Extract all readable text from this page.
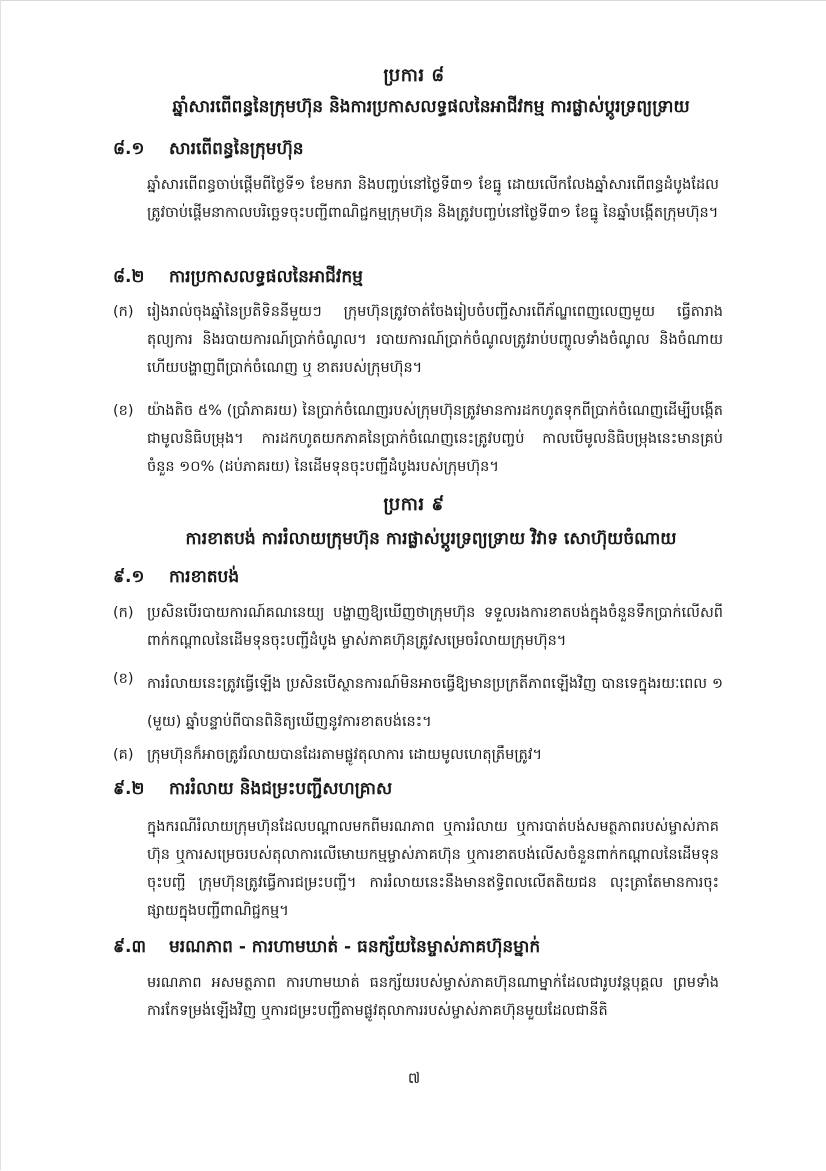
ប្រការ ៨
ឆ្នាំសារពើពន្ធនៃក្រុមហ៊ុន និងការប្រកាសលទ្ធផលនៃអាជីវកម្ម ការផ្លាស់ប្ដូរទ្រព្យទ្រាយ
៨.១ សារពើពន្ធនៃក្រុមហ៊ុន
ឆ្នាំសារពើពន្ធចាប់ផ្ដើមពីថ្ងៃទី១ ខែមករា និងបញ្ចប់នៅថ្ងៃទី៣១ ខែធ្នូ ដោយលើកលែងឆ្នាំសារពើពន្ធដំបូងដែលត្រូវចាប់ផ្ដើមនាកាលបរិច្ឆេទចុះបញ្ជីពាណិជ្ជកម្មក្រុមហ៊ុន និងត្រូវបញ្ចប់នៅថ្ងៃទី៣១ ខែធ្នូ នៃឆ្នាំបង្កើតក្រុមហ៊ុន។
៨.២ ការប្រកាសលទ្ធផលនៃអាជីវកម្ម
(ក) រៀងរាល់ចុងឆ្នាំនៃប្រតិទិននីមួយៗ ក្រុមហ៊ុនត្រូវចាត់ចែងរៀបចំបញ្ជីសារពើភ័ណ្ឌពេញលេញមួយ ធ្វើតារាងតុល្យការ និងរបាយការណ៍ប្រាក់ចំណូល។ របាយការណ៍ប្រាក់ចំណូលត្រូវរាប់បញ្ចូលទាំងចំណូល និងចំណាយ ហើយបង្ហាញពីប្រាក់ចំណេញ ឬ ខាតរបស់ក្រុមហ៊ុន។
(ខ) យ៉ាងតិច ៥% (ប្រាំភាគរយ) នៃប្រាក់ចំណេញរបស់ក្រុមហ៊ុនត្រូវមានការដកហូតទុកពីប្រាក់ចំណេញដើម្បីបង្កើតជាមូលនិធិបម្រុង។ ការដកហូតយកភាគនៃប្រាក់ចំណេញនេះត្រូវបញ្ចប់ កាលបើមូលនិធិបម្រុងនេះមានគ្រប់ចំនួន ១០% (ដប់ភាគរយ) នៃដើមទុនចុះបញ្ជីដំបូងរបស់ក្រុមហ៊ុន។
ប្រការ ៩
ការខាតបង់ ការរំលាយក្រុមហ៊ុន ការផ្លាស់ប្ដូរទ្រព្យទ្រាយ វិវាទ សោហ៊ុយចំណាយ
៩.១ ការខាតបង់
(ក) ប្រសិនបើរបាយការណ៍គណនេយ្យ បង្ហាញឱ្យឃើញថាក្រុមហ៊ុន ទទួលរងការខាតបង់ក្នុងចំនួនទឹកប្រាក់លើសពីពាក់កណ្ដាលនៃដើមទុនចុះបញ្ជីដំបូង ម្ចាស់ភាគហ៊ុនត្រូវសម្រេចរំលាយក្រុមហ៊ុន។
(ខ) ការរំលាយនេះត្រូវធ្វើឡើង ប្រសិនបើស្ថានការណ៍មិនអាចធ្វើឱ្យមានប្រក្រតីភាពឡើងវិញ បានទេក្នុងរយៈពេល ១ (មួយ) ឆ្នាំបន្ទាប់ពីបានពិនិត្យឃើញនូវការខាតបង់នេះ។
(គ) ក្រុមហ៊ុនក៏អាចត្រូវរំលាយបានដែរតាមផ្លូវតុលាការ ដោយមូលហេតុត្រឹមត្រូវ។
៩.២ ការរំលាយ និងជម្រះបញ្ជីសហគ្រាស
ក្នុងករណីរំលាយក្រុមហ៊ុនដែលបណ្ដាលមកពីមរណភាព ឬការរំលាយ ឬការបាត់បង់សមត្ថភាពរបស់ម្ចាស់ភាគហ៊ុន ឬការសម្រេចរបស់តុលាការលើមោឃកម្មម្ចាស់ភាគហ៊ុន ឬការខាតបង់លើសចំនួនពាក់កណ្ដាលនៃដើមទុនចុះបញ្ជី ក្រុមហ៊ុនត្រូវធ្វើការជម្រះបញ្ជី។ ការរំលាយនេះនឹងមានឥទ្ធិពលលើតតិយជន លុះត្រាតែមានការចុះផ្សាយក្នុងបញ្ជីពាណិជ្ជកម្ម។
៩.៣ មរណភាព - ការហាមឃាត់ - ធនក្ស័យនៃម្ចាស់ភាគហ៊ុនម្នាក់
មរណភាព អសមត្ថភាព ការហាមឃាត់ ធនក្ស័យរបស់ម្ចាស់ភាគហ៊ុនណាម្នាក់ដែលជារូបវន្តបុគ្គល ព្រមទាំងការកែទម្រង់ឡើងវិញ ឬការជម្រះបញ្ជីតាមផ្លូវតុលាការរបស់ម្ចាស់ភាគហ៊ុនមួយដែលជានីតិ
៧
